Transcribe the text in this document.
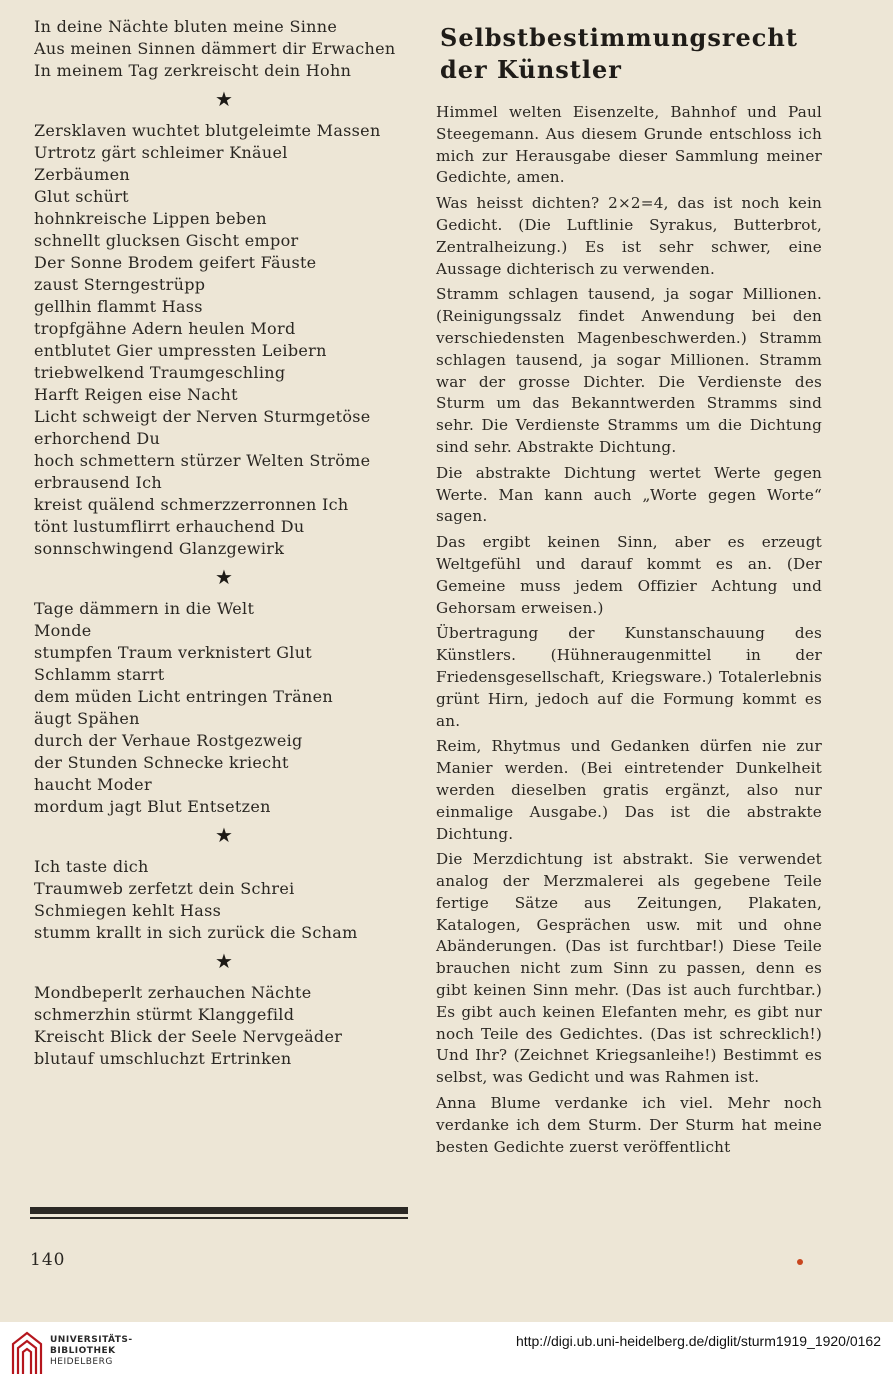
In deine Nächte bluten meine Sinne
Aus meinen Sinnen dämmert dir Erwachen
In meinem Tag zerkreischt dein Hohn
★
Zersklaven wuchtet blutgeleimte Massen
Urtrotz gärt schleimer Knäuel
Zerbäumen
Glut schürt
hohnkreische Lippen beben
schnellt glucksen Gischt empor
Der Sonne Brodem geifert Fäuste
zaust Sterngestrüpp
gellhin flammt Hass
tropfgähne Adern heulen Mord
entblutet Gier umpressten Leibern
triebwelkend Traumgeschling
Harft Reigen eise Nacht
Licht schweigt der Nerven Sturmgetöse
erhorchend Du
hoch schmettern stürzer Welten Ströme
erbrausend Ich
kreist quälend schmerzzerronnen Ich
tönt lustumflirrt erhauchend Du
sonnschwingend Glanzgewirk
★
Tage dämmern in die Welt
Monde
stumpfen Traum verknistert Glut
Schlamm starrt
dem müden Licht entringen Tränen
äugt Spähen
durch der Verhaue Rostgezweig
der Stunden Schnecke kriecht
haucht Moder
mordum jagt Blut Entsetzen
★
Ich taste dich
Traumweb zerfetzt dein Schrei
Schmiegen kehlt Hass
stumm krallt in sich zurück die Scham
★
Mondbeperlt zerhauchen Nächte
schmerzhin stürmt Klanggefild
Kreischt Blick der Seele Nervgeäder
blutauf umschluchzt Ertrinken
Selbstbestimmungsrecht der Künstler

Himmel welten Eisenzelte, Bahnhof und Paul Steegemann. Aus diesem Grunde entschloss ich mich zur Herausgabe dieser Sammlung meiner Gedichte, amen.

Was heisst dichten? 2×2=4, das ist noch kein Gedicht. (Die Luftlinie Syrakus, Butterbrot, Zentralheizung.) Es ist sehr schwer, eine Aussage dichterisch zu verwenden.

Stramm schlagen tausend, ja sogar Millionen. (Reinigungssalz findet Anwendung bei den verschiedensten Magenbeschwerden.) Stramm schlagen tausend, ja sogar Millionen. Stramm war der grosse Dichter. Die Verdienste des Sturm um das Bekanntwerden Stramms sind sehr. Die Verdienste Stramms um die Dichtung sind sehr. Abstrakte Dichtung.

Die abstrakte Dichtung wertet Werte gegen Werte. Man kann auch „Worte gegen Worte“ sagen.

Das ergibt keinen Sinn, aber es erzeugt Weltgefühl und darauf kommt es an. (Der Gemeine muss jedem Offizier Achtung und Gehorsam erweisen.)

Übertragung der Kunstanschauung des Künstlers. (Hühneraugenmittel in der Friedensgesellschaft, Kriegsware.) Totalerlebnis grünt Hirn, jedoch auf die Formung kommt es an.

Reim, Rhytmus und Gedanken dürfen nie zur Manier werden. (Bei eintretender Dunkelheit werden dieselben gratis ergänzt, also nur einmalige Ausgabe.) Das ist die abstrakte Dichtung.

Die Merzdichtung ist abstrakt. Sie verwendet analog der Merzmalerei als gegebene Teile fertige Sätze aus Zeitungen, Plakaten, Katalogen, Gesprächen usw. mit und ohne Abänderungen. (Das ist furchtbar!) Diese Teile brauchen nicht zum Sinn zu passen, denn es gibt keinen Sinn mehr. (Das ist auch furchtbar.) Es gibt auch keinen Elefanten mehr, es gibt nur noch Teile des Gedichtes. (Das ist schrecklich!) Und Ihr? (Zeichnet Kriegsanleihe!) Bestimmt es selbst, was Gedicht und was Rahmen ist.

Anna Blume verdanke ich viel. Mehr noch verdanke ich dem Sturm. Der Sturm hat meine besten Gedichte zuerst veröffentlicht

140
UNIVERSITÄTS-
BIBLIOTHEK
HEIDELBERG
http://digi.ub.uni-heidelberg.de/diglit/sturm1919_1920/0162
